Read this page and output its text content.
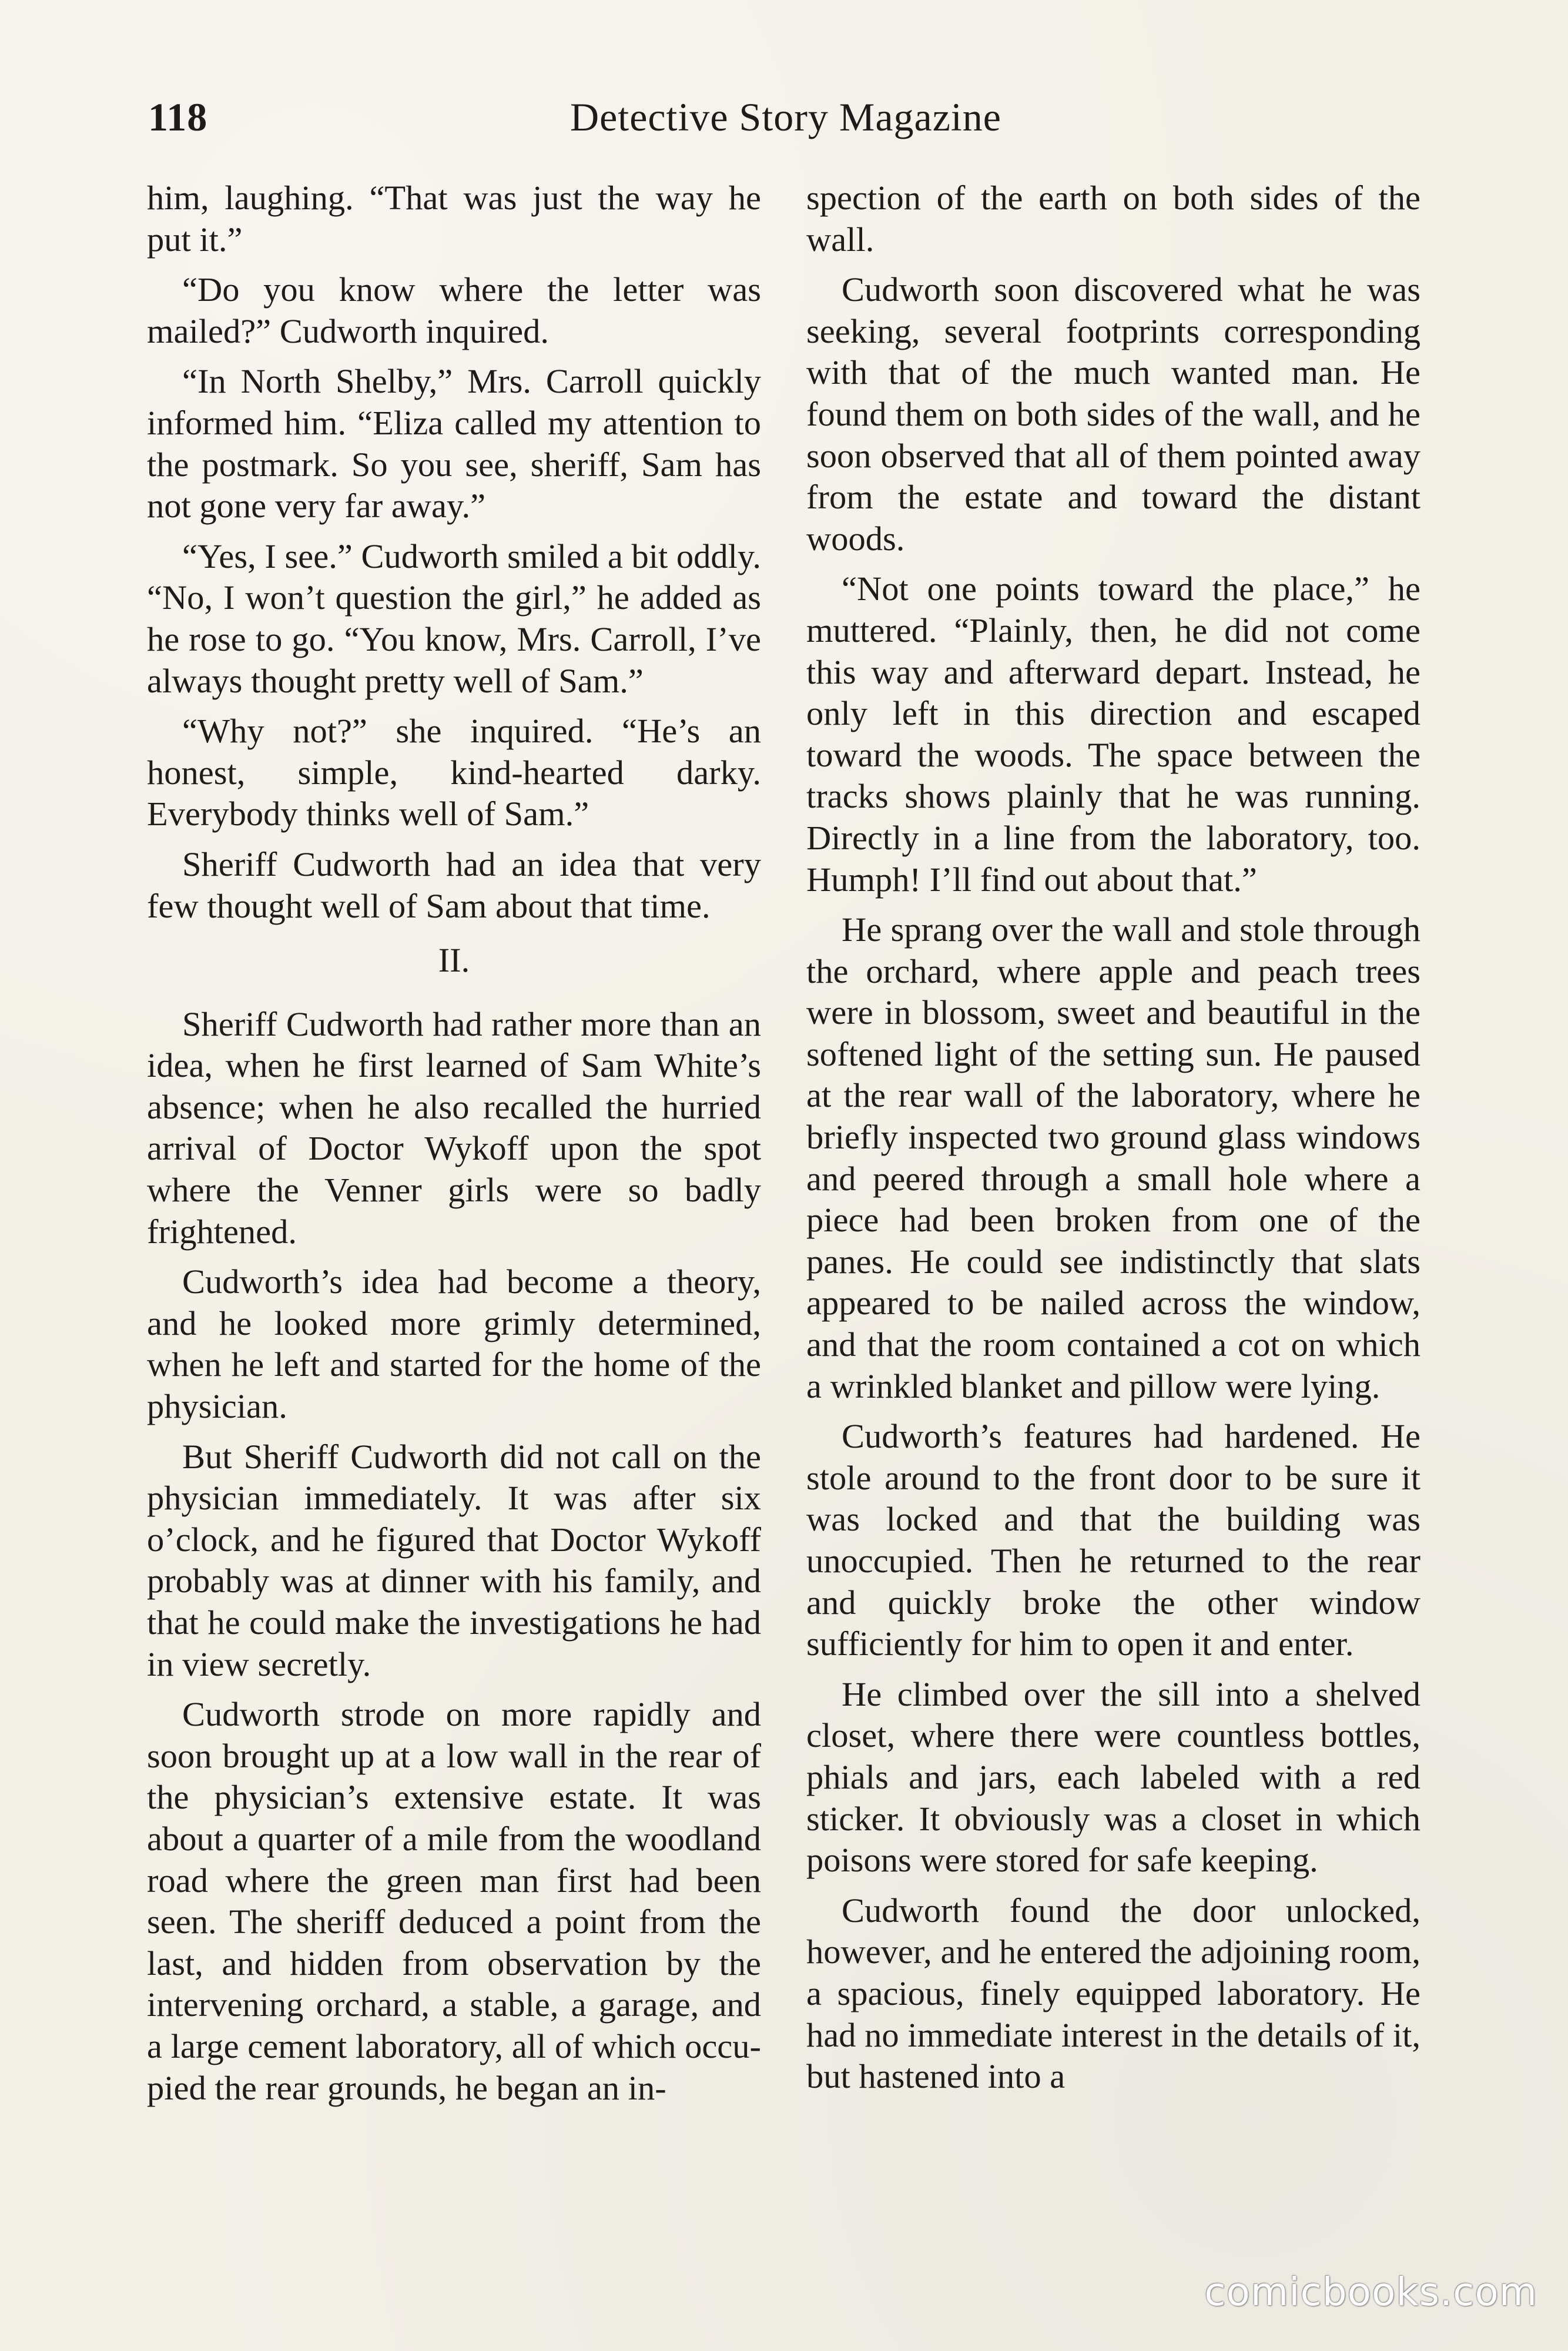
118	Detective Story Magazine

him, laughing. “That was just the way he put it.”

“Do you know where the letter was mailed?” Cudworth inquired.

“In North Shelby,” Mrs. Carroll quickly informed him. “Eliza called my attention to the postmark. So you see, sheriff, Sam has not gone very far away.”

“Yes, I see.” Cudworth smiled a bit oddly. “No, I won’t question the girl,” he added as he rose to go. “You know, Mrs. Carroll, I’ve always thought pretty well of Sam.”

“Why not?” she inquired. “He’s an honest, simple, kind-hearted darky. Everybody thinks well of Sam.”

Sheriff Cudworth had an idea that very few thought well of Sam about that time.

II.

Sheriff Cudworth had rather more than an idea, when he first learned of Sam White’s absence; when he also recalled the hurried arrival of Doctor Wykoff upon the spot where the Venner girls were so badly frightened.

Cudworth’s idea had become a theory, and he looked more grimly determined, when he left and started for the home of the physician.

But Sheriff Cudworth did not call on the physician immediately. It was after six o’clock, and he figured that Doctor Wykoff probably was at dinner with his family, and that he could make the investigations he had in view secretly.

Cudworth strode on more rapidly and soon brought up at a low wall in the rear of the physician’s extensive estate. It was about a quarter of a mile from the woodland road where the green man first had been seen. The sheriff deduced a point from the last, and hidden from observation by the intervening orchard, a stable, a garage, and a large cement laboratory, all of which occupied the rear grounds, he began an in-

spection of the earth on both sides of the wall.

Cudworth soon discovered what he was seeking, several footprints corresponding with that of the much wanted man. He found them on both sides of the wall, and he soon observed that all of them pointed away from the estate and toward the distant woods.

“Not one points toward the place,” he muttered. “Plainly, then, he did not come this way and afterward depart. Instead, he only left in this direction and escaped toward the woods. The space between the tracks shows plainly that he was running. Directly in a line from the laboratory, too. Humph! I’ll find out about that.”

He sprang over the wall and stole through the orchard, where apple and peach trees were in blossom, sweet and beautiful in the softened light of the setting sun. He paused at the rear wall of the laboratory, where he briefly inspected two ground glass windows and peered through a small hole where a piece had been broken from one of the panes. He could see indistinctly that slats appeared to be nailed across the window, and that the room contained a cot on which a wrinkled blanket and pillow were lying.

Cudworth’s features had hardened. He stole around to the front door to be sure it was locked and that the building was unoccupied. Then he returned to the rear and quickly broke the other window sufficiently for him to open it and enter.

He climbed over the sill into a shelved closet, where there were countless bottles, phials and jars, each labeled with a red sticker. It obviously was a closet in which poisons were stored for safe keeping.

Cudworth found the door unlocked, however, and he entered the adjoining room, a spacious, finely equipped laboratory. He had no immediate interest in the details of it, but hastened into a

comicbooks.com
